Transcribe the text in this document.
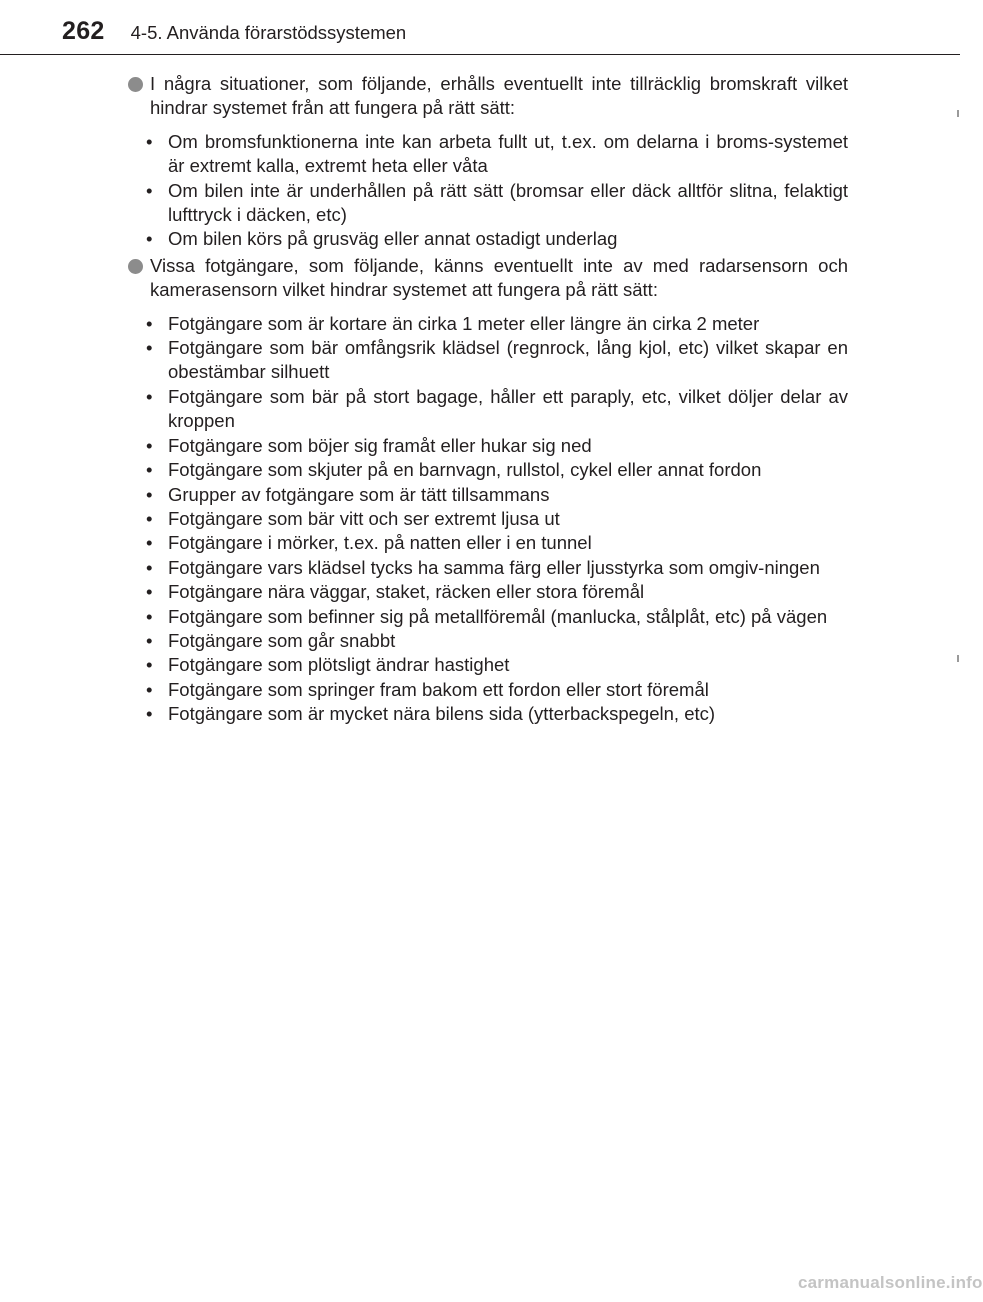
262 4-5. Använda förarstödssystemen
I några situationer, som följande, erhålls eventuellt inte tillräcklig bromskraft vilket hindrar systemet från att fungera på rätt sätt:
• Om bromsfunktionerna inte kan arbeta fullt ut, t.ex. om delarna i broms-systemet är extremt kalla, extremt heta eller våta
• Om bilen inte är underhållen på rätt sätt (bromsar eller däck alltför slitna, felaktigt lufttryck i däcken, etc)
• Om bilen körs på grusväg eller annat ostadigt underlag
Vissa fotgängare, som följande, känns eventuellt inte av med radarsensorn och kamerasensorn vilket hindrar systemet att fungera på rätt sätt:
• Fotgängare som är kortare än cirka 1 meter eller längre än cirka 2 meter
• Fotgängare som bär omfångsrik klädsel (regnrock, lång kjol, etc) vilket skapar en obestämbar silhuett
• Fotgängare som bär på stort bagage, håller ett paraply, etc, vilket döljer delar av kroppen
• Fotgängare som böjer sig framåt eller hukar sig ned
• Fotgängare som skjuter på en barnvagn, rullstol, cykel eller annat fordon
• Grupper av fotgängare som är tätt tillsammans
• Fotgängare som bär vitt och ser extremt ljusa ut
• Fotgängare i mörker, t.ex. på natten eller i en tunnel
• Fotgängare vars klädsel tycks ha samma färg eller ljusstyrka som omgiv-ningen
• Fotgängare nära väggar, staket, räcken eller stora föremål
• Fotgängare som befinner sig på metallföremål (manlucka, stålplåt, etc) på vägen
• Fotgängare som går snabbt
• Fotgängare som plötsligt ändrar hastighet
• Fotgängare som springer fram bakom ett fordon eller stort föremål
• Fotgängare som är mycket nära bilens sida (ytterbackspegeln, etc)
carmanualsonline.info
